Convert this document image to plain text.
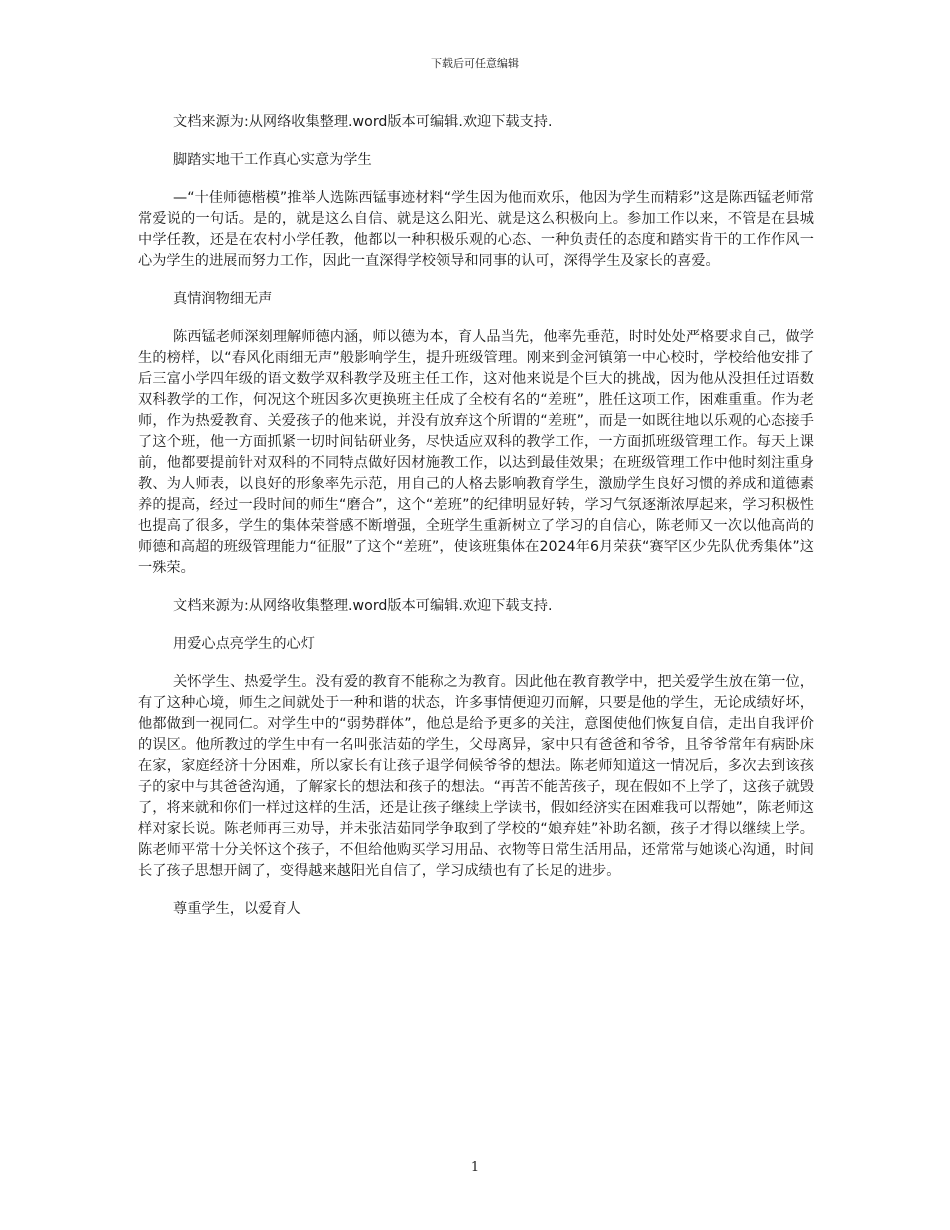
下载后可任意编辑

文档来源为:从网络收集整理.word版本可编辑.欢迎下载支持.

脚踏实地干工作真心实意为学生

—“十佳师德楷模”推举人选陈西锰事迹材料“学生因为他而欢乐，他因为学生而精彩”这是陈西锰老师常常爱说的一句话。是的，就是这么自信、就是这么阳光、就是这么积极向上。参加工作以来，不管是在县城中学任教，还是在农村小学任教，他都以一种积极乐观的心态、一种负责任的态度和踏实肯干的工作作风一心为学生的进展而努力工作，因此一直深得学校领导和同事的认可，深得学生及家长的喜爱。

真情润物细无声

陈西锰老师深刻理解师德内涵，师以德为本，育人品当先，他率先垂范，时时处处严格要求自己，做学生的榜样，以“春风化雨细无声”般影响学生，提升班级管理。刚来到金河镇第一中心校时，学校给他安排了后三富小学四年级的语文数学双科教学及班主任工作，这对他来说是个巨大的挑战，因为他从没担任过语数双科教学的工作，何况这个班因多次更换班主任成了全校有名的“差班”，胜任这项工作，困难重重。作为老师，作为热爱教育、关爱孩子的他来说，并没有放弃这个所谓的“差班”，而是一如既往地以乐观的心态接手了这个班，他一方面抓紧一切时间钻研业务，尽快适应双科的教学工作，一方面抓班级管理工作。每天上课前，他都要提前针对双科的不同特点做好因材施教工作，以达到最佳效果；在班级管理工作中他时刻注重身教、为人师表，以良好的形象率先示范，用自己的人格去影响教育学生，激励学生良好习惯的养成和道德素养的提高，经过一段时间的师生“磨合”，这个“差班”的纪律明显好转，学习气氛逐渐浓厚起来，学习积极性也提高了很多，学生的集体荣誉感不断增强，全班学生重新树立了学习的自信心，陈老师又一次以他高尚的师德和高超的班级管理能力“征服”了这个“差班”，使该班集体在2024年6月荣获“赛罕区少先队优秀集体”这一殊荣。

文档来源为:从网络收集整理.word版本可编辑.欢迎下载支持.

用爱心点亮学生的心灯

关怀学生、热爱学生。没有爱的教育不能称之为教育。因此他在教育教学中，把关爱学生放在第一位，有了这种心境，师生之间就处于一种和谐的状态，许多事情便迎刃而解，只要是他的学生，无论成绩好坏，他都做到一视同仁。对学生中的“弱势群体”，他总是给予更多的关注，意图使他们恢复自信，走出自我评价的误区。他所教过的学生中有一名叫张洁茹的学生，父母离异，家中只有爸爸和爷爷，且爷爷常年有病卧床在家，家庭经济十分困难，所以家长有让孩子退学伺候爷爷的想法。陈老师知道这一情况后，多次去到该孩子的家中与其爸爸沟通，了解家长的想法和孩子的想法。“再苦不能苦孩子，现在假如不上学了，这孩子就毁了，将来就和你们一样过这样的生活，还是让孩子继续上学读书，假如经济实在困难我可以帮她”，陈老师这样对家长说。陈老师再三劝导，并未张洁茹同学争取到了学校的“娘弃娃”补助名额，孩子才得以继续上学。陈老师平常十分关怀这个孩子，不但给他购买学习用品、衣物等日常生活用品，还常常与她谈心沟通，时间长了孩子思想开阔了，变得越来越阳光自信了，学习成绩也有了长足的进步。

尊重学生，以爱育人

1
